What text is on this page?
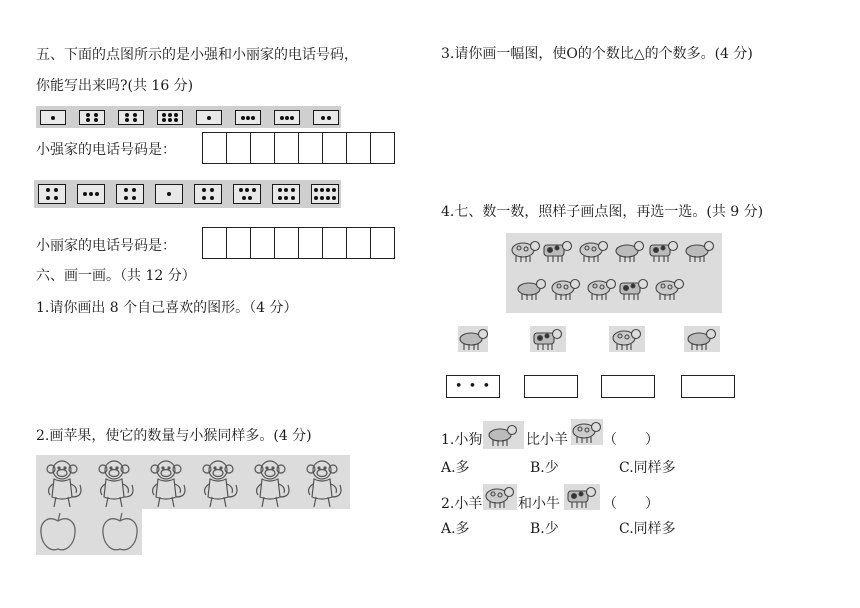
五、下面的点图所示的是小强和小丽家的电话号码，
你能写出来吗?(共 16 分)
小强家的电话号码是：
小丽家的电话号码是：
六、画一画。（共 12 分）
1.请你画出 8 个自己喜欢的图形。（4 分）
2.画苹果，使它的数量与小猴同样多。(4 分)
3.请你画一幅图，使O的个数比△的个数多。(4 分)
4.七、数一数，照样子画点图，再选一选。(共 9 分)
• • •
1.小狗	比小羊	（　　）
A.多	B.少	C.同样多
2.小羊	和小牛	（　　）
A.多	B.少	C.同样多
